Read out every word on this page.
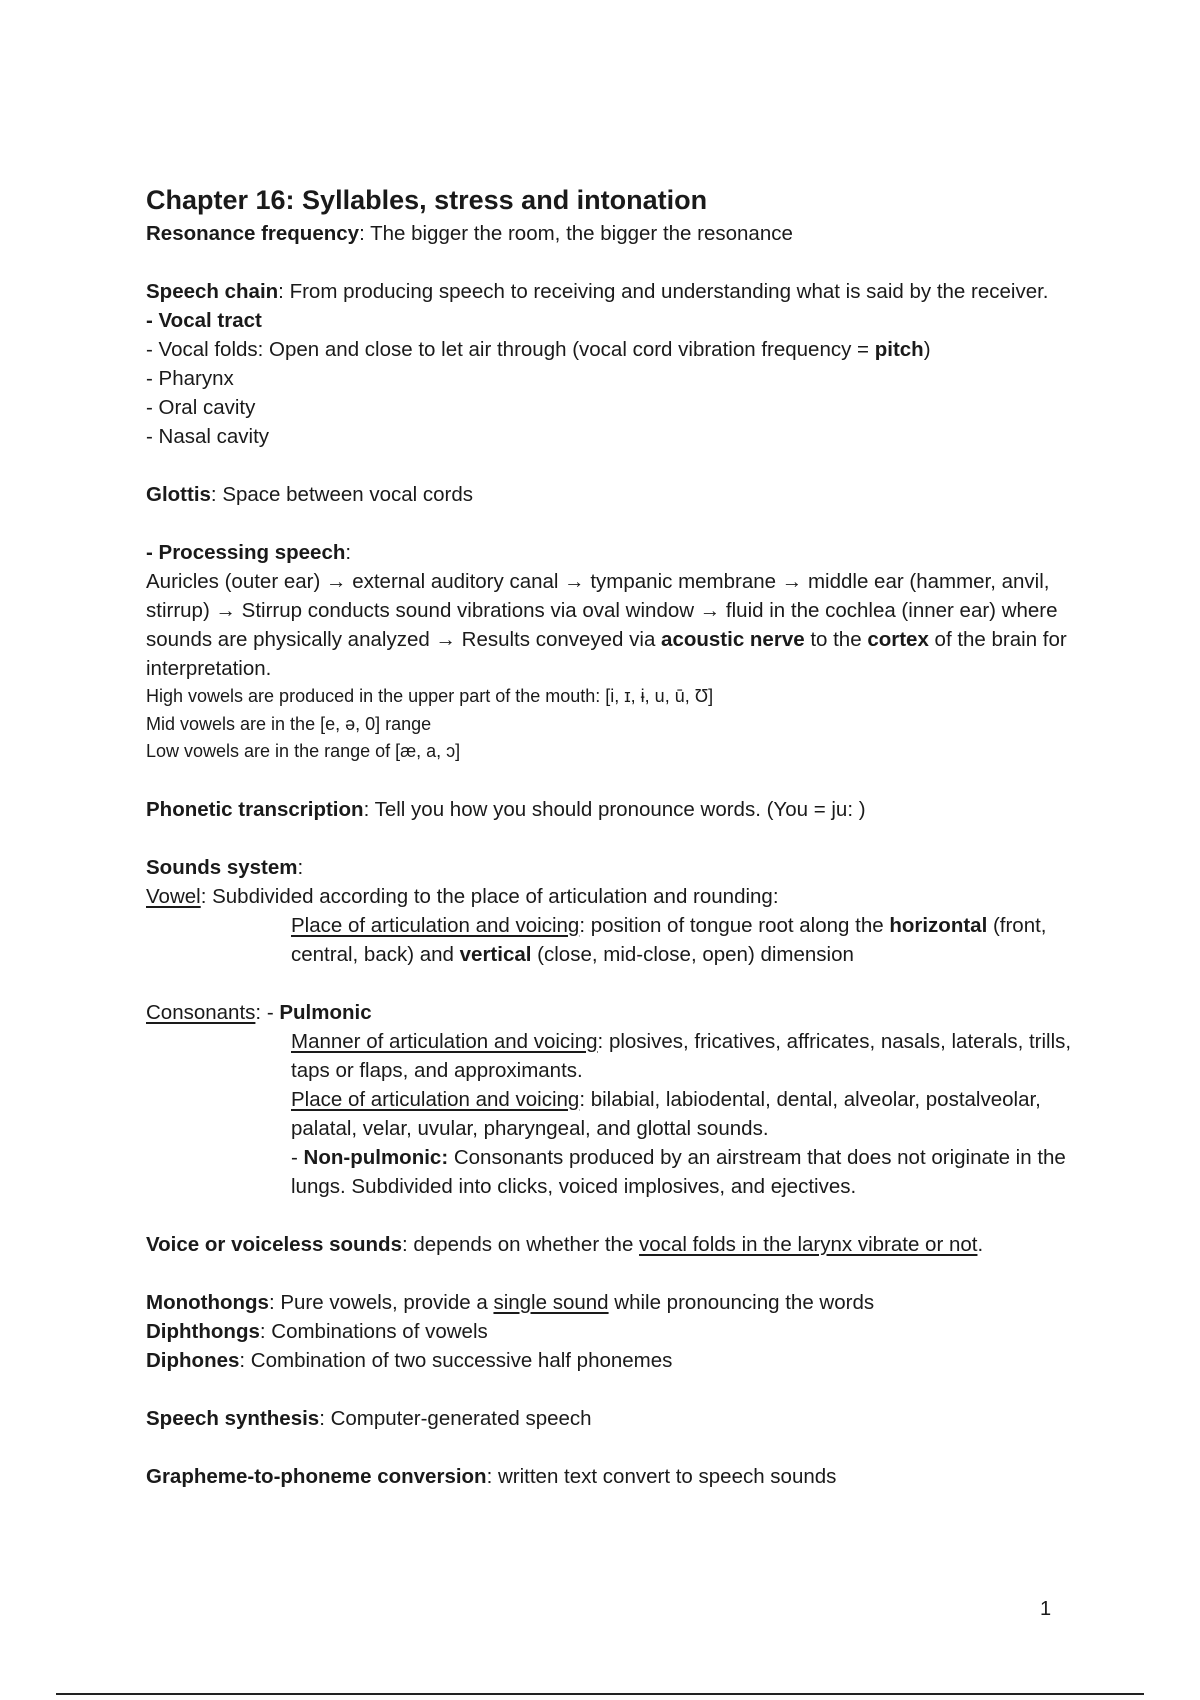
Chapter 16: Syllables, stress and intonation

Resonance frequency: The bigger the room, the bigger the resonance

Speech chain: From producing speech to receiving and understanding what is said by the receiver.

- Vocal tract

- Vocal folds: Open and close to let air through (vocal cord vibration frequency = pitch)

- Pharynx

- Oral cavity

- Nasal cavity

Glottis: Space between vocal cords

- Processing speech:

Auricles (outer ear) → external auditory canal → tympanic membrane → middle ear (hammer, anvil, stirrup) → Stirrup conducts sound vibrations via oval window → fluid in the cochlea (inner ear) where sounds are physically analyzed → Results conveyed via acoustic nerve to the cortex of the brain for interpretation.

High vowels are produced in the upper part of the mouth: [i, ɪ, ɨ, u, ū, Ʊ]

Mid vowels are in the [e, ə, 0] range

Low vowels are in the range of [æ, a, ɔ]

Phonetic transcription: Tell you how you should pronounce words. (You = ju: )

Sounds system:

Vowel: Subdivided according to the place of articulation and rounding:

Place of articulation and voicing: position of tongue root along the horizontal (front, central, back) and vertical (close, mid-close, open) dimension

Consonants: - Pulmonic

Manner of articulation and voicing: plosives, fricatives, affricates, nasals, laterals, trills, taps or flaps, and approximants.

Place of articulation and voicing: bilabial, labiodental, dental, alveolar, postalveolar, palatal, velar, uvular, pharyngeal, and glottal sounds.

- Non-pulmonic: Consonants produced by an airstream that does not originate in the lungs. Subdivided into clicks, voiced implosives, and ejectives.

Voice or voiceless sounds: depends on whether the vocal folds in the larynx vibrate or not.

Monothongs: Pure vowels, provide a single sound while pronouncing the words

Diphthongs: Combinations of vowels

Diphones: Combination of two successive half phonemes

Speech synthesis: Computer-generated speech

Grapheme-to-phoneme conversion: written text convert to speech sounds

1
